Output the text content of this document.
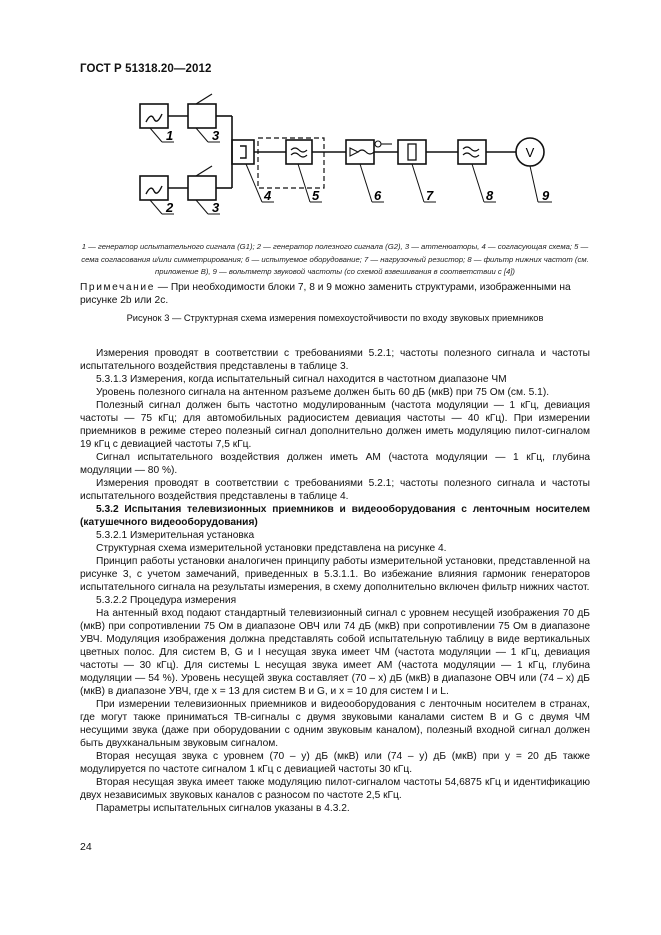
ГОСТ Р 51318.20—2012
V
1	3
2	3
4	5	6	7	8	9
1 — генератор испытательного сигнала (G1); 2 — генератор полезного сигнала (G2), 3 — аттенюаторы, 4 — согласующая схема; 5 — сема согласования и/или симметрирования; 6 — испытуемое оборудование; 7 — нагрузочный резистор; 8 — фильтр нижних частот (см. приложение В), 9 — вольтметр звуковой частоты (со схемой взвешивания в соответствии с [4])
Примечание — При необходимости блоки 7, 8 и 9 можно заменить структурами, изображенными на рисунке 2b или 2с.
Рисунок 3 — Структурная схема измерения помехоустойчивости по входу звуковых приемников

Измерения проводят в соответствии с требованиями 5.2.1; частоты полезного сигнала и частоты испытательного воздействия представлены в таблице 3.

5.3.1.3 Измерения, когда испытательный сигнал находится в частотном диапазоне ЧМ

Уровень полезного сигнала на антенном разъеме должен быть 60 дБ (мкВ) при 75 Ом (см. 5.1).

Полезный сигнал должен быть частотно модулированным (частота модуляции — 1 кГц, девиация частоты — 75 кГц; для автомобильных радиосистем девиация частоты — 40 кГц). При измерении приемников в режиме стерео полезный сигнал дополнительно должен иметь модуляцию пилот-сигналом 19 кГц с девиацией частоты 7,5 кГц.

Сигнал испытательного воздействия должен иметь АМ (частота модуляции — 1 кГц, глубина модуляции — 80 %).

Измерения проводят в соответствии с требованиями 5.2.1; частоты полезного сигнала и частоты испытательного воздействия представлены в таблице 4.

5.3.2 Испытания телевизионных приемников и видеооборудования с ленточным носителем (катушечного видеооборудования)

5.3.2.1 Измерительная установка

Структурная схема измерительной установки представлена на рисунке 4.

Принцип работы установки аналогичен принципу работы измерительной установки, представленной на рисунке 3, с учетом замечаний, приведенных в 5.3.1.1. Во избежание влияния гармоник генераторов испытательного сигнала на результаты измерения, в схему дополнительно включен фильтр нижних частот.

5.3.2.2 Процедура измерения

На антенный вход подают стандартный телевизионный сигнал с уровнем несущей изображения 70 дБ (мкВ) при сопротивлении 75 Ом в диапазоне ОВЧ или 74 дБ (мкВ) при сопротивлении 75 Ом в диапазоне УВЧ. Модуляция изображения должна представлять собой испытательную таблицу в виде вертикальных цветных полос. Для систем B, G и I несущая звука имеет ЧМ (частота модуляции — 1 кГц, девиация частоты — 30 кГц). Для системы L несущая звука имеет AM (частота модуляции — 1 кГц, глубина модуляции — 54 %). Уровень несущей звука составляет (70 – x) дБ (мкВ) в диапазоне ОВЧ или (74 – x) дБ (мкВ) в диапазоне УВЧ, где x = 13 для систем B и G, и x = 10 для систем I и L.

При измерении телевизионных приемников и видеооборудования с ленточным носителем в странах, где могут также приниматься ТВ-сигналы с двумя звуковыми каналами систем B и G с двумя ЧМ несущими звука (даже при оборудовании с одним звуковым каналом), полезный входной сигнал должен быть двухканальным звуковым сигналом.

Вторая несущая звука с уровнем (70 – y) дБ (мкВ) или (74 – y) дБ (мкВ) при y = 20 дБ также модулируется по частоте сигналом 1 кГц с девиацией частоты 30 кГц.

Вторая несущая звука имеет также модуляцию пилот-сигналом частоты 54,6875 кГц и идентификацию двух независимых звуковых каналов с разносом по частоте 2,5 кГц.

Параметры испытательных сигналов указаны в 4.3.2.

24
